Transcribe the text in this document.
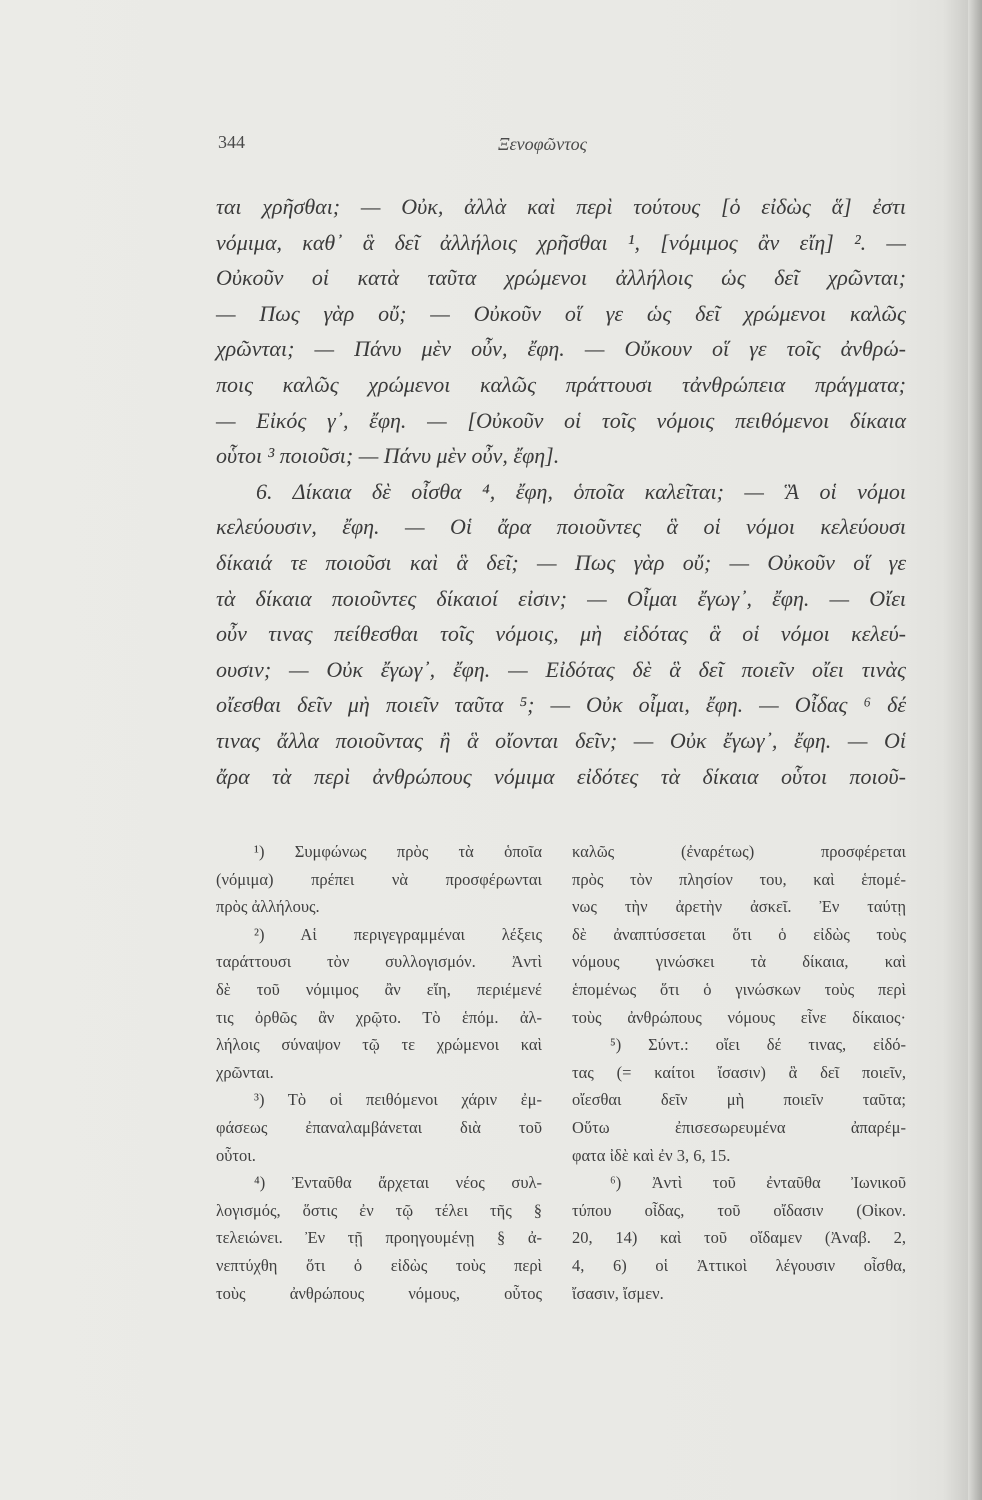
344	Ξενοφῶντος
ται χρῆσθαι; — Οὐκ, ἀλλὰ καὶ περὶ τούτους [ὁ εἰδὼς ἅ] ἐστι
νόμιμα, καθ᾽ ἃ δεῖ ἀλλήλοις χρῆσθαι ¹, [νόμιμος ἂν εἴη] ². —
Οὐκοῦν οἱ κατὰ ταῦτα χρώμενοι ἀλλήλοις ὡς δεῖ χρῶνται;
— Πως γὰρ οὔ; — Οὐκοῦν οἵ γε ὡς δεῖ χρώμενοι καλῶς
χρῶνται; — Πάνυ μὲν οὖν, ἔφη. — Οὔκουν οἵ γε τοῖς ἀνθρώ-
ποις καλῶς χρώμενοι καλῶς πράττουσι τἀνθρώπεια πράγματα;
— Εἰκός γ᾽, ἔφη. — [Οὐκοῦν οἱ τοῖς νόμοις πειθόμενοι δίκαια
οὗτοι ³ ποιοῦσι; — Πάνυ μὲν οὖν, ἔφη].
6. Δίκαια δὲ οἶσθα ⁴, ἔφη, ὁποῖα καλεῖται; — Ἃ οἱ νόμοι
κελεύουσιν, ἔφη. — Οἱ ἄρα ποιοῦντες ἃ οἱ νόμοι κελεύουσι
δίκαιά τε ποιοῦσι καὶ ἃ δεῖ; — Πως γὰρ οὔ; — Οὐκοῦν οἵ γε
τὰ δίκαια ποιοῦντες δίκαιοί εἰσιν; — Οἶμαι ἔγωγ᾽, ἔφη. — Οἴει
οὖν τινας πείθεσθαι τοῖς νόμοις, μὴ εἰδότας ἃ οἱ νόμοι κελεύ-
ουσιν; — Οὐκ ἔγωγ᾽, ἔφη. — Εἰδότας δὲ ἃ δεῖ ποιεῖν οἴει τινὰς
οἴεσθαι δεῖν μὴ ποιεῖν ταῦτα ⁵; — Οὐκ οἶμαι, ἔφη. — Οἶδας ⁶ δέ
τινας ἄλλα ποιοῦντας ἢ ἃ οἴονται δεῖν; — Οὐκ ἔγωγ᾽, ἔφη. — Οἱ
ἄρα τὰ περὶ ἀνθρώπους νόμιμα εἰδότες τὰ δίκαια οὗτοι ποιοῦ-
¹) Συμφώνως πρὸς τὰ ὁποῖα
(νόμιμα) πρέπει νὰ προσφέρωνται
πρὸς ἀλλήλους.
²) Αἱ περιγεγραμμέναι λέξεις
ταράττουσι τὸν συλλογισμόν. Ἀντὶ
δὲ τοῦ νόμιμος ἂν εἴη, περιέμενέ
τις ὀρθῶς ἂν χρῷτο. Τὸ ἑπόμ. ἀλ-
λήλοις σύναψον τῷ τε χρώμενοι καὶ
χρῶνται.
³) Τὸ οἱ πειθόμενοι χάριν ἐμ-
φάσεως ἐπαναλαμβάνεται διὰ τοῦ
οὗτοι.
⁴) Ἐνταῦθα ἄρχεται νέος συλ-
λογισμός, ὅστις ἐν τῷ τέλει τῆς §
τελειώνει. Ἐν τῇ προηγουμένῃ § ἀ-
νεπτύχθη ὅτι ὁ εἰδὼς τοὺς περὶ
τοὺς ἀνθρώπους νόμους, οὗτος
καλῶς (ἐναρέτως) προσφέρεται
πρὸς τὸν πλησίον του, καὶ ἑπομέ-
νως τὴν ἀρετὴν ἀσκεῖ. Ἐν ταύτῃ
δὲ ἀναπτύσσεται ὅτι ὁ εἰδὼς τοὺς
νόμους γινώσκει τὰ δίκαια, καὶ
ἑπομένως ὅτι ὁ γινώσκων τοὺς περὶ
τοὺς ἀνθρώπους νόμους εἶνε δίκαιος·
⁵) Σύντ.: οἴει δέ τινας, εἰδό-
τας (= καίτοι ἴσασιν) ἃ δεῖ ποιεῖν,
οἴεσθαι δεῖν μὴ ποιεῖν ταῦτα;
Οὕτω ἐπισεσωρευμένα ἀπαρέμ-
φατα ἰδὲ καὶ ἐν 3, 6, 15.
⁶) Ἀντὶ τοῦ ἐνταῦθα Ἰωνικοῦ
τύπου οἶδας, τοῦ οἴδασιν (Οἰκον.
20, 14) καὶ τοῦ οἴδαμεν (Ἀναβ. 2,
4, 6) οἱ Ἀττικοὶ λέγουσιν οἶσθα,
ἴσασιν, ἴσμεν.
